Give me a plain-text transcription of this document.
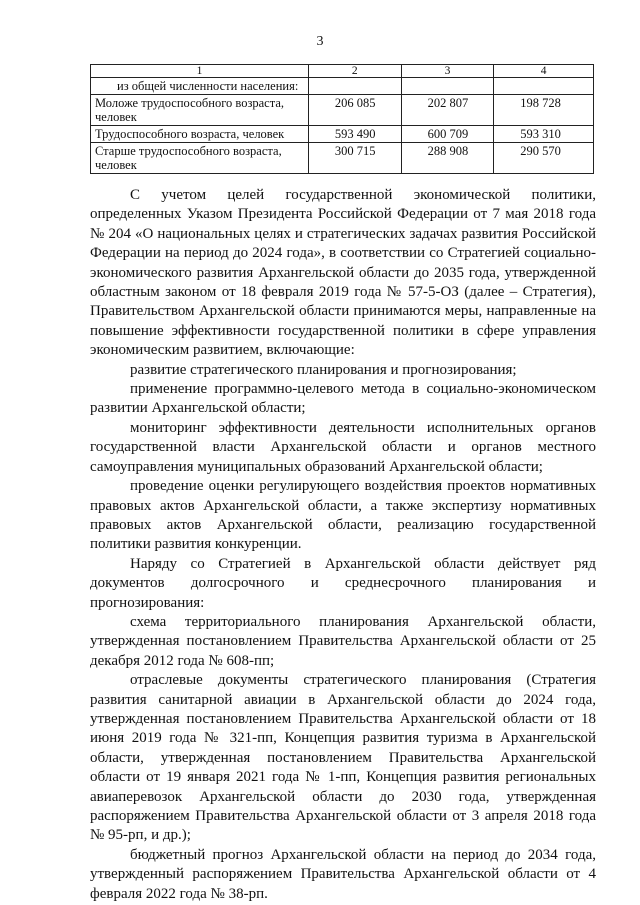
3
1	2	3	4
из общей численности населения:			
Моложе трудоспособного возраста, человек	206 085	202 807	198 728
Трудоспособного возраста, человек	593 490	600 709	593 310
Старше трудоспособного возраста, человек	300 715	288 908	290 570

С учетом целей государственной экономической политики, определенных Указом Президента Российской Федерации от 7 мая 2018 года № 204 «О национальных целях и стратегических задачах развития Российской Федерации на период до 2024 года», в соответствии со Стратегией социально-экономического развития Архангельской области до 2035 года, утвержденной областным законом от 18 февраля 2019 года № 57-5-ОЗ (далее – Стратегия), Правительством Архангельской области принимаются меры, направленные на повышение эффективности государственной политики в сфере управления экономическим развитием, включающие:

развитие стратегического планирования и прогнозирования;

применение программно-целевого метода в социально-экономическом развитии Архангельской области;

мониторинг эффективности деятельности исполнительных органов государственной власти Архангельской области и органов местного самоуправления муниципальных образований Архангельской области;

проведение оценки регулирующего воздействия проектов нормативных правовых актов Архангельской области, а также экспертизу нормативных правовых актов Архангельской области, реализацию государственной политики развития конкуренции.

Наряду со Стратегией в Архангельской области действует ряд документов долгосрочного и среднесрочного планирования и прогнозирования:

схема территориального планирования Архангельской области, утвержденная постановлением Правительства Архангельской области от 25 декабря 2012 года № 608-пп;

отраслевые документы стратегического планирования (Стратегия развития санитарной авиации в Архангельской области до 2024 года, утвержденная постановлением Правительства Архангельской области от 18 июня 2019 года № 321-пп, Концепция развития туризма в Архангельской области, утвержденная постановлением Правительства Архангельской области от 19 января 2021 года № 1-пп, Концепция развития региональных авиаперевозок Архангельской области до 2030 года, утвержденная распоряжением Правительства Архангельской области от 3 апреля 2018 года № 95-рп, и др.);

бюджетный прогноз Архангельской области на период до 2034 года, утвержденный распоряжением Правительства Архангельской области от 4 февраля 2022 года № 38-рп.
